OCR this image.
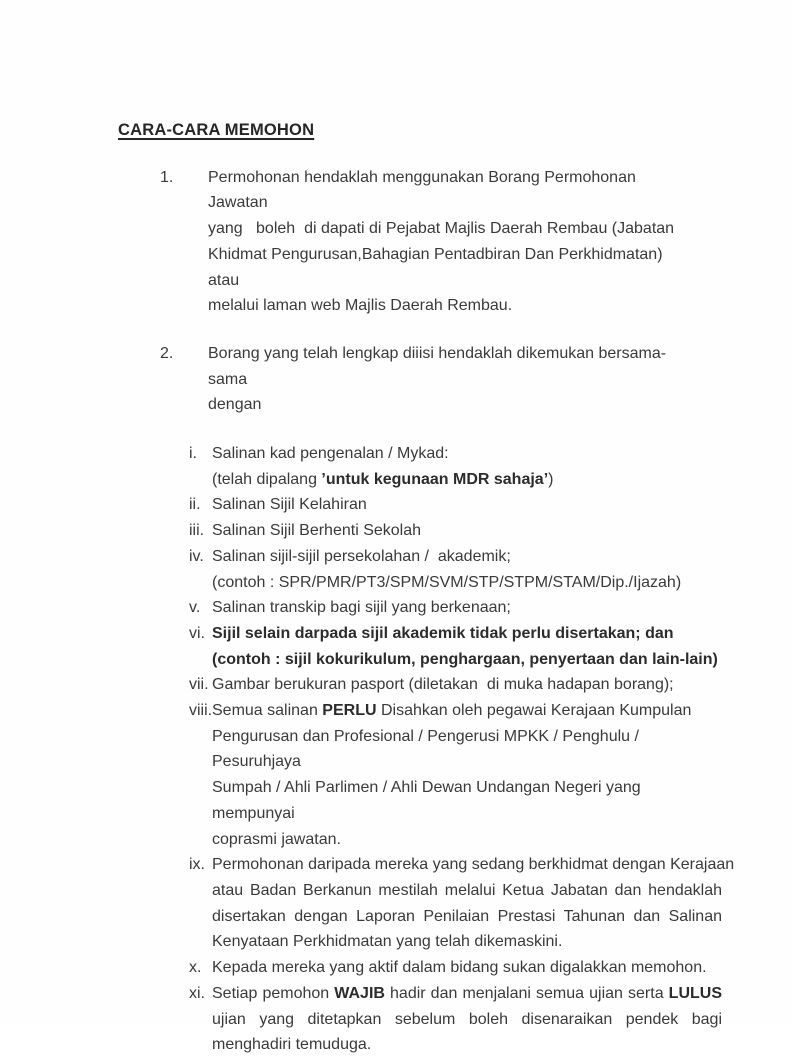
CARA-CARA MEMOHON
1. Permohonan hendaklah menggunakan Borang Permohonan Jawatan
yang   boleh  di dapati di Pejabat Majlis Daerah Rembau (Jabatan
Khidmat Pengurusan,Bahagian Pentadbiran Dan Perkhidmatan) atau
melalui laman web Majlis Daerah Rembau.
2. Borang yang telah lengkap diiisi hendaklah dikemukan bersama-sama
dengan
i. Salinan kad pengenalan / Mykad:
(telah dipalang ’untuk kegunaan MDR sahaja’)
ii. Salinan Sijil Kelahiran
iii. Salinan Sijil Berhenti Sekolah
iv. Salinan sijil-sijil persekolahan /  akademik;
(contoh : SPR/PMR/PT3/SPM/SVM/STP/STPM/STAM/Dip./Ijazah)
v. Salinan transkip bagi sijil yang berkenaan;
vi. Sijil selain darpada sijil akademik tidak perlu disertakan; dan
(contoh : sijil kokurikulum, penghargaan, penyertaan dan lain-lain)
vii. Gambar berukuran pasport (diletakan  di muka hadapan borang);
viii. Semua salinan PERLU Disahkan oleh pegawai Kerajaan Kumpulan
Pengurusan dan Profesional / Pengerusi MPKK / Penghulu / Pesuruhjaya
Sumpah / Ahli Parlimen / Ahli Dewan Undangan Negeri yang mempunyai
coprasmi jawatan.
ix. Permohonan daripada mereka yang sedang berkhidmat dengan Kerajaan
atau Badan Berkanun mestilah melalui Ketua Jabatan dan hendaklah
disertakan dengan Laporan Penilaian Prestasi Tahunan dan Salinan
Kenyataan Perkhidmatan yang telah dikemaskini.
x. Kepada mereka yang aktif dalam bidang sukan digalakkan memohon.
xi. Setiap pemohon WAJIB hadir dan menjalani semua ujian serta LULUS
ujian yang ditetapkan sebelum boleh disenaraikan pendek bagi
menghadiri temuduga.
